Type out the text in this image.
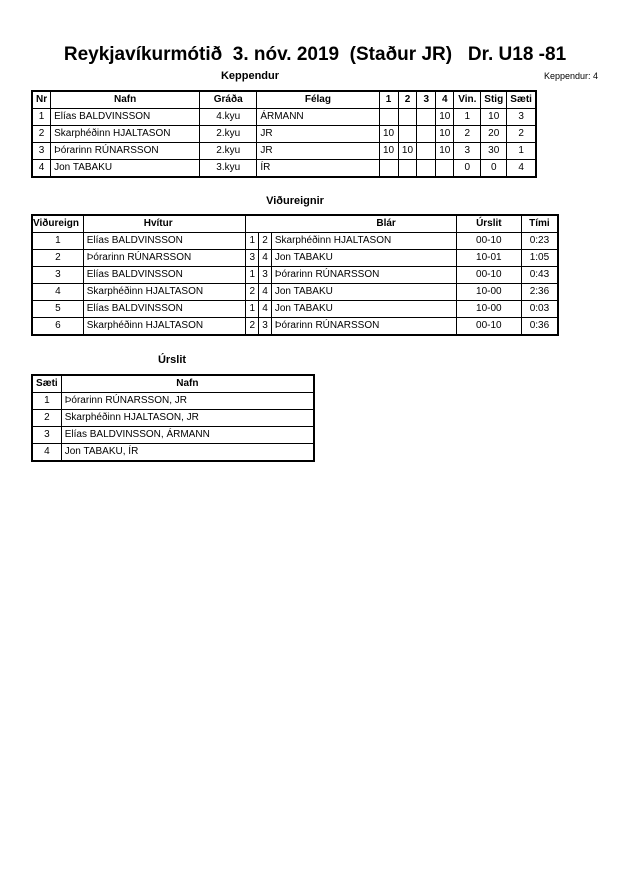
Reykjavíkurmótið  3. nóv. 2019  (Staður JR)   Dr. U18 -81
Keppendur	Keppendur: 4
Nr	Nafn	Gráða	Félag	1	2	3	4	Vin.	Stig	Sæti
1	Elías BALDVINSSON	4.kyu	ÁRMANN				10	1	10	3
2	Skarphéðinn HJALTASON	2.kyu	JR	10			10	2	20	2
3	Þórarinn RÚNARSSON	2.kyu	JR	10	10		10	3	30	1
4	Jon TABAKU	3.kyu	ÍR					0	0	4
Viðureignir
Viðureign	Hvítur	Blár			Úrslit	Tími
1	Elías BALDVINSSON	1	2	Skarphéðinn HJALTASON	00-10	0:23
2	Þórarinn RÚNARSSON	3	4	Jon TABAKU	10-01	1:05
3	Elías BALDVINSSON	1	3	Þórarinn RÚNARSSON	00-10	0:43
4	Skarphéðinn HJALTASON	2	4	Jon TABAKU	10-00	2:36
5	Elías BALDVINSSON	1	4	Jon TABAKU	10-00	0:03
6	Skarphéðinn HJALTASON	2	3	Þórarinn RÚNARSSON	00-10	0:36
Úrslit
Sæti	Nafn
1	Þórarinn RÚNARSSON, JR
2	Skarphéðinn HJALTASON, JR
3	Elías BALDVINSSON, ÁRMANN
4	Jon TABAKU, ÍR
